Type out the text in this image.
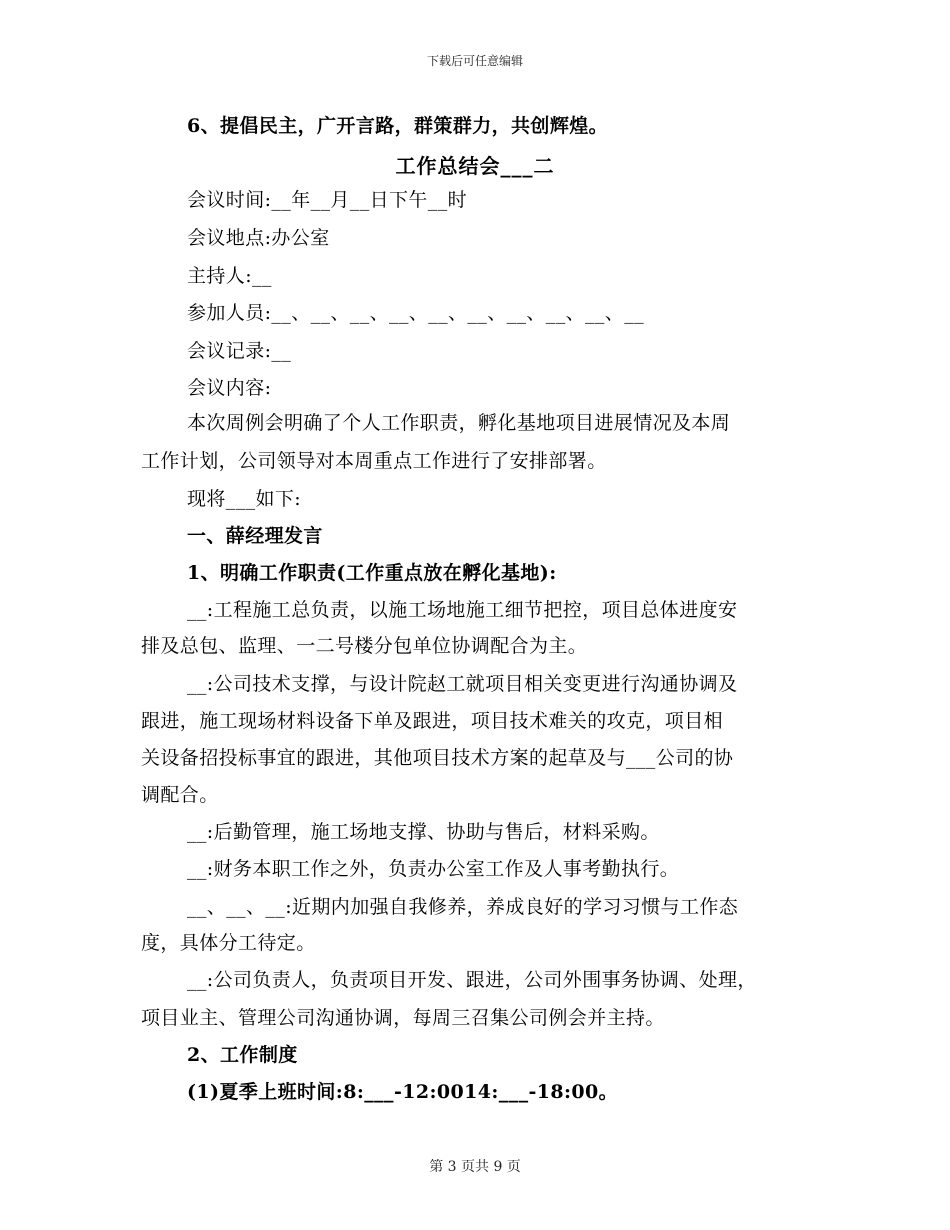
下载后可任意编辑
6、提倡民主，广开言路，群策群力，共创辉煌。
工作总结会___二
会议时间:__年__月__日下午__时
会议地点:办公室
主持人:__
参加人员:__、__、__、__、__、__、__、__、__、__
会议记录:__
会议内容:
本次周例会明确了个人工作职责，孵化基地项目进展情况及本周
工作计划，公司领导对本周重点工作进行了安排部署。
现将___如下:
一、薛经理发言
1、明确工作职责(工作重点放在孵化基地):
__:工程施工总负责，以施工场地施工细节把控，项目总体进度安
排及总包、监理、一二号楼分包单位协调配合为主。
__:公司技术支撑，与设计院赵工就项目相关变更进行沟通协调及
跟进，施工现场材料设备下单及跟进，项目技术难关的攻克，项目相
关设备招投标事宜的跟进，其他项目技术方案的起草及与___公司的协
调配合。
__:后勤管理，施工场地支撑、协助与售后，材料采购。
__:财务本职工作之外，负责办公室工作及人事考勤执行。
__、__、__:近期内加强自我修养，养成良好的学习习惯与工作态
度，具体分工待定。
__:公司负责人，负责项目开发、跟进，公司外围事务协调、处理，
项目业主、管理公司沟通协调，每周三召集公司例会并主持。
2、工作制度
(1)夏季上班时间:8:___-12:0014:___-18:00。
第 3 页共 9 页
